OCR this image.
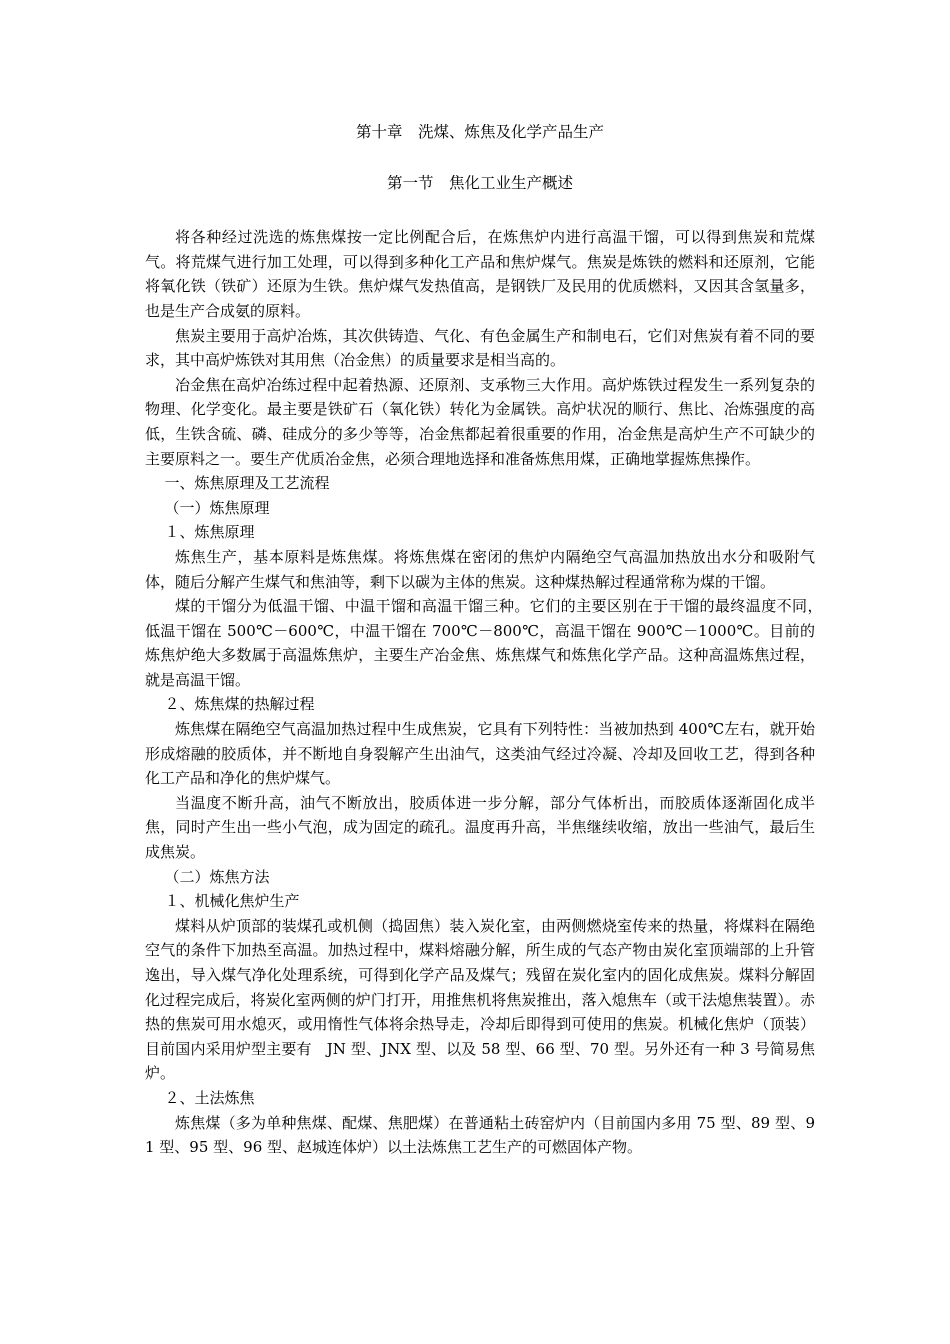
第十章　洗煤、炼焦及化学产品生产
第一节　焦化工业生产概述
将各种经过洗选的炼焦煤按一定比例配合后，在炼焦炉内进行高温干馏，可以得到焦炭和荒煤气。将荒煤气进行加工处理，可以得到多种化工产品和焦炉煤气。焦炭是炼铁的燃料和还原剂，它能将氧化铁（铁矿）还原为生铁。焦炉煤气发热值高，是钢铁厂及民用的优质燃料，又因其含氢量多，也是生产合成氨的原料。
焦炭主要用于高炉冶炼，其次供铸造、气化、有色金属生产和制电石，它们对焦炭有着不同的要求，其中高炉炼铁对其用焦（冶金焦）的质量要求是相当高的。
冶金焦在高炉冶练过程中起着热源、还原剂、支承物三大作用。高炉炼铁过程发生一系列复杂的物理、化学变化。最主要是铁矿石（氧化铁）转化为金属铁。高炉状况的顺行、焦比、冶炼强度的高低，生铁含硫、磷、硅成分的多少等等，冶金焦都起着很重要的作用，冶金焦是高炉生产不可缺少的主要原料之一。要生产优质冶金焦，必须合理地选择和准备炼焦用煤，正确地掌握炼焦操作。
一、炼焦原理及工艺流程
（一）炼焦原理
１、炼焦原理
炼焦生产，基本原料是炼焦煤。将炼焦煤在密闭的焦炉内隔绝空气高温加热放出水分和吸附气体，随后分解产生煤气和焦油等，剩下以碳为主体的焦炭。这种煤热解过程通常称为煤的干馏。
煤的干馏分为低温干馏、中温干馏和高温干馏三种。它们的主要区别在于干馏的最终温度不同，　低温干馏在 500℃－600℃，中温干馏在 700℃－800℃，高温干馏在 900℃－1000℃。目前的炼焦炉绝大多数属于高温炼焦炉，主要生产冶金焦、炼焦煤气和炼焦化学产品。这种高温炼焦过程，就是高温干馏。
２、炼焦煤的热解过程
炼焦煤在隔绝空气高温加热过程中生成焦炭，它具有下列特性：当被加热到 400℃左右，就开始形成熔融的胶质体，并不断地自身裂解产生出油气，这类油气经过冷凝、冷却及回收工艺，得到各种化工产品和净化的焦炉煤气。
当温度不断升高，油气不断放出，胶质体进一步分解，部分气体析出，而胶质体逐渐固化成半焦，同时产生出一些小气泡，成为固定的疏孔。温度再升高，半焦继续收缩，放出一些油气，最后生成焦炭。
（二）炼焦方法
１、机械化焦炉生产
煤料从炉顶部的装煤孔或机侧（捣固焦）装入炭化室，由两侧燃烧室传来的热量，将煤料在隔绝空气的条件下加热至高温。加热过程中，煤料熔融分解，所生成的气态产物由炭化室顶端部的上升管逸出，导入煤气净化处理系统，可得到化学产品及煤气；残留在炭化室内的固化成焦炭。煤料分解固化过程完成后，将炭化室两侧的炉门打开，用推焦机将焦炭推出，落入熄焦车（或干法熄焦装置）。赤热的焦炭可用水熄灭，或用惰性气体将余热导走，冷却后即得到可使用的焦炭。机械化焦炉（顶装）目前国内采用炉型主要有　JN 型、JNX 型、以及 58 型、66 型、70 型。另外还有一种 3 号简易焦炉。
２、土法炼焦
炼焦煤（多为单种焦煤、配煤、焦肥煤）在普通粘土砖窑炉内（目前国内多用 75 型、89 型、91 型、95 型、96 型、赵城连体炉）以土法炼焦工艺生产的可燃固体产物。
